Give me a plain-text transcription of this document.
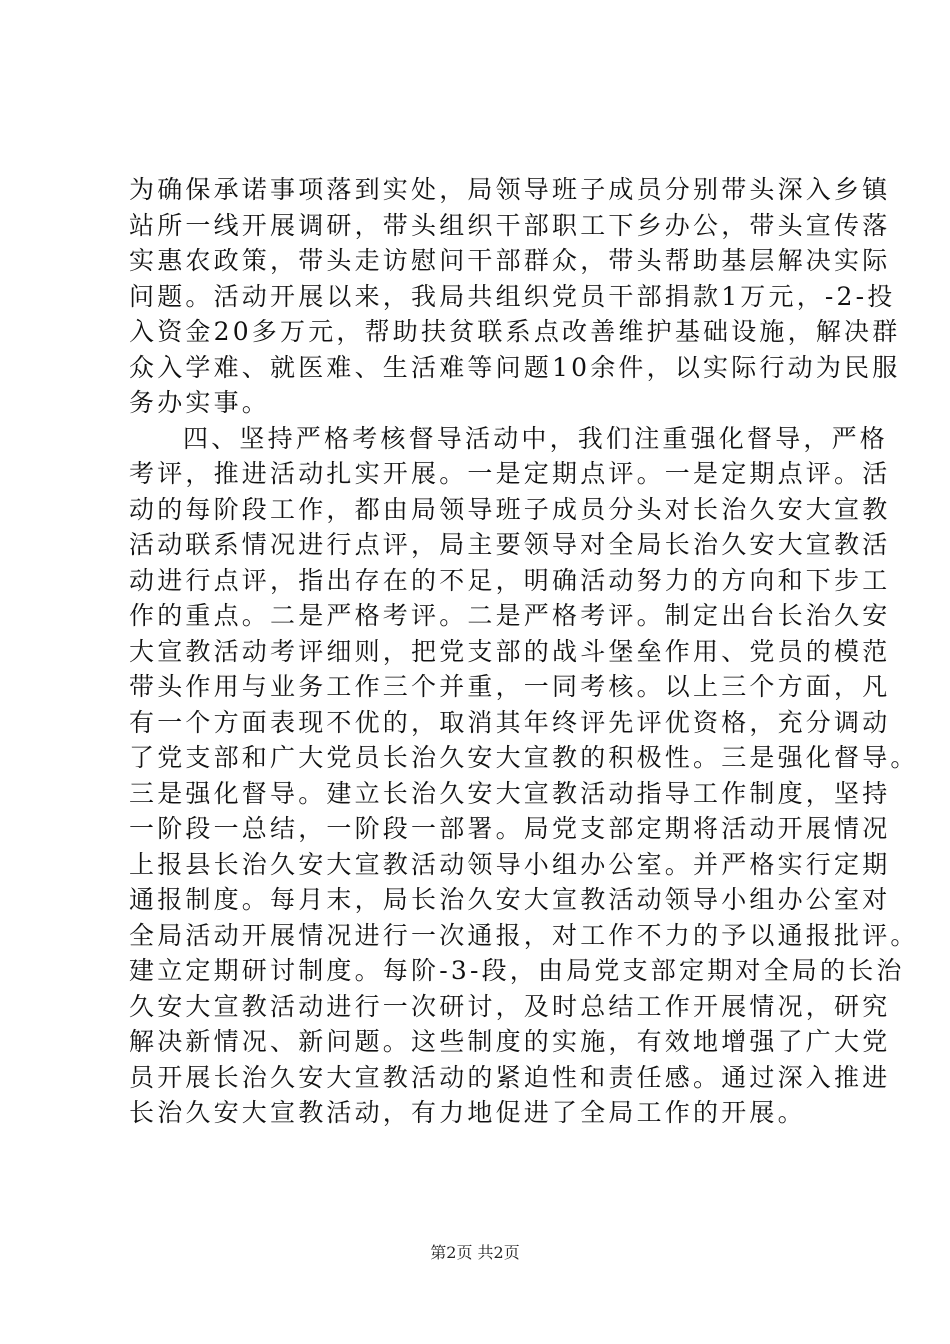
为确保承诺事项落到实处，局领导班子成员分别带头深入乡镇
站所一线开展调研，带头组织干部职工下乡办公，带头宣传落
实惠农政策，带头走访慰问干部群众，带头帮助基层解决实际
问题。活动开展以来，我局共组织党员干部捐款1万元，-2-投
入资金20多万元，帮助扶贫联系点改善维护基础设施，解决群
众入学难、就医难、生活难等问题10余件，以实际行动为民服
务办实事。
四、坚持严格考核督导活动中，我们注重强化督导，严格
考评，推进活动扎实开展。一是定期点评。一是定期点评。活
动的每阶段工作，都由局领导班子成员分头对长治久安大宣教
活动联系情况进行点评，局主要领导对全局长治久安大宣教活
动进行点评，指出存在的不足，明确活动努力的方向和下步工
作的重点。二是严格考评。二是严格考评。制定出台长治久安
大宣教活动考评细则，把党支部的战斗堡垒作用、党员的模范
带头作用与业务工作三个并重，一同考核。以上三个方面，凡
有一个方面表现不优的，取消其年终评先评优资格，充分调动
了党支部和广大党员长治久安大宣教的积极性。三是强化督导。
三是强化督导。建立长治久安大宣教活动指导工作制度，坚持
一阶段一总结，一阶段一部署。局党支部定期将活动开展情况
上报县长治久安大宣教活动领导小组办公室。并严格实行定期
通报制度。每月末，局长治久安大宣教活动领导小组办公室对
全局活动开展情况进行一次通报，对工作不力的予以通报批评。
建立定期研讨制度。每阶-3-段，由局党支部定期对全局的长治
久安大宣教活动进行一次研讨，及时总结工作开展情况，研究
解决新情况、新问题。这些制度的实施，有效地增强了广大党
员开展长治久安大宣教活动的紧迫性和责任感。通过深入推进
长治久安大宣教活动，有力地促进了全局工作的开展。
第2页 共2页
